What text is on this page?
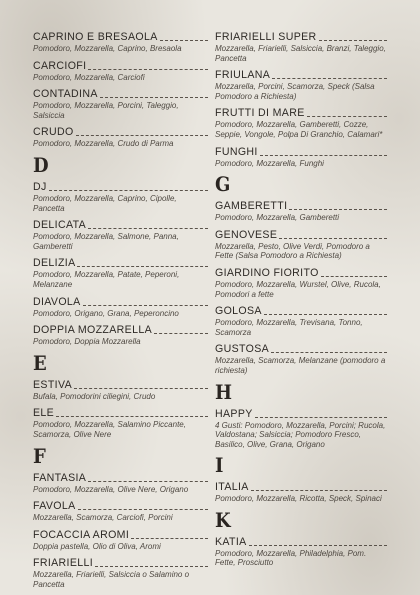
CAPRINO E BRESAOLA
Pomodoro, Mozzarella, Caprino, Bresaola
CARCIOFI
Pomodoro, Mozzarella, Carciofi
CONTADINA
Pomodoro, Mozzarella, Porcini, Taleggio, Salsiccia
CRUDO
Pomodoro, Mozzarella, Crudo di Parma
D
DJ
Pomodoro, Mozzarella, Caprino, Cipolle, Pancetta
DELICATA
Pomodoro, Mozzarella, Salmone, Panna, Gamberetti
DELIZIA
Pomodoro, Mozzarella, Patate, Peperoni, Melanzane
DIAVOLA
Pomodoro, Origano, Grana, Peperoncino
DOPPIA MOZZARELLA
Pomodoro, Doppia Mozzarella
E
ESTIVA
Bufala, Pomodorini ciliegini, Crudo
ELE
Pomodoro, Mozzarella, Salamino Piccante, Scamorza, Olive Nere
F
FANTASIA
Pomodoro, Mozzarella, Olive Nere, Origano
FAVOLA
Mozzarella, Scamorza, Carciofi, Porcini
FOCACCIA AROMI
Doppia pastella, Olio di Oliva, Aromi
FRIARIELLI
Mozzarella, Friarielli, Salsiccia o Salamino o Pancetta
FRIARIELLI SUPER
Mozzarella, Friarielli, Salsiccia, Branzi, Taleggio, Pancetta
FRIULANA
Mozzarella, Porcini, Scamorza, Speck (Salsa Pomodoro a Richiesta)
FRUTTI DI MARE
Pomodoro, Mozzarella, Gamberetti, Cozze, Seppie, Vongole, Polpa Di Granchio, Calamari*
FUNGHI
Pomodoro, Mozzarella, Funghi
G
GAMBERETTI
Pomodoro, Mozzarella, Gamberetti
GENOVESE
Mozzarella, Pesto, Olive Verdi, Pomodoro a Fette (Salsa Pomodoro a Richiesta)
GIARDINO FIORITO
Pomodoro, Mozzarella, Wurstel, Olive, Rucola, Pomodori a fette
GOLOSA
Pomodoro, Mozzarella, Trevisana, Tonno, Scamorza
GUSTOSA
Mozzarella, Scamorza, Melanzane (pomodoro a richiesta)
H
HAPPY
4 Gusti: Pomodoro, Mozzarella, Porcini; Rucola, Valdostana; Salsiccia; Pomodoro Fresco, Basilico, Olive, Grana, Origano
I
ITALIA
Pomodoro, Mozzarella, Ricotta, Speck, Spinaci
K
KATIA
Pomodoro, Mozzarella, Philadelphia, Pom. Fette, Prosciutto
